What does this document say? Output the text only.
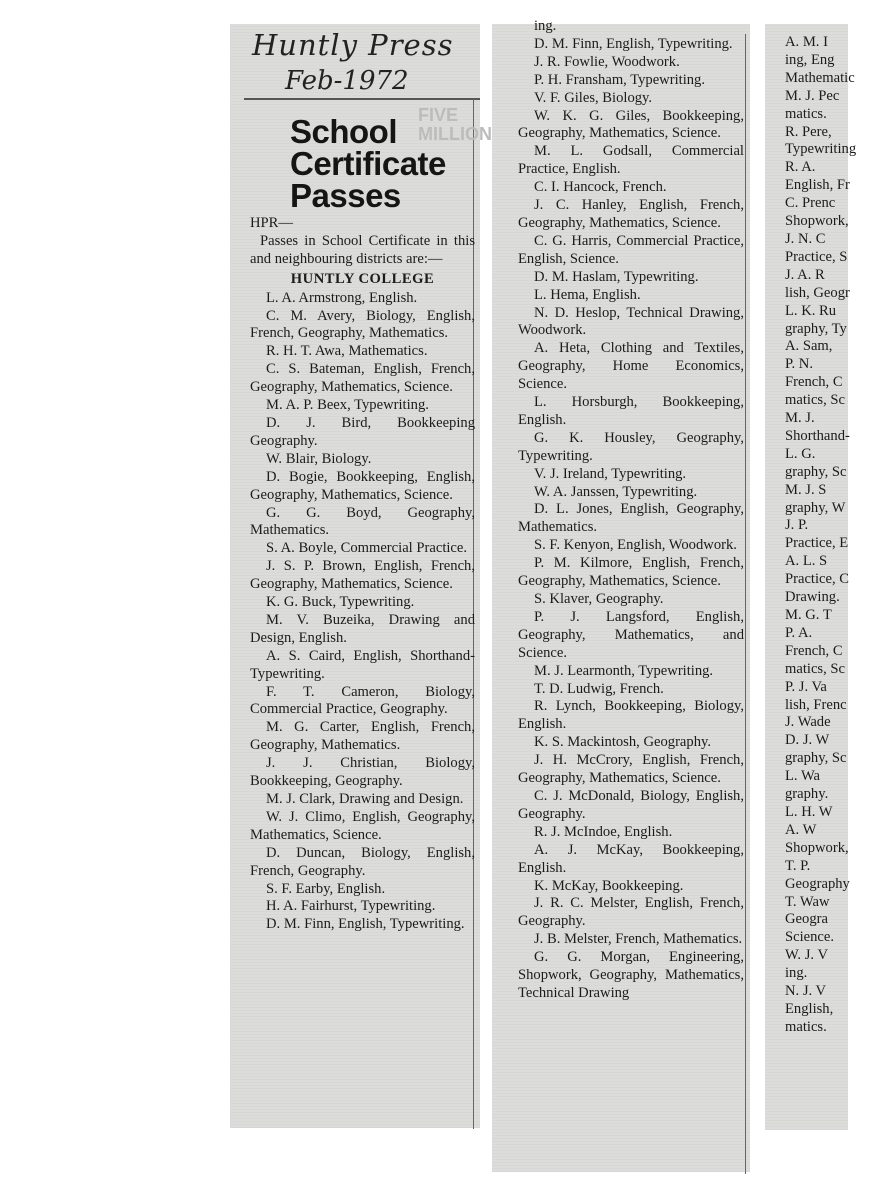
Huntly Press
Feb-1972
FIVE MILLION
School
Certificate
Passes

HPR—

Passes in School Certificate in this and neighbouring districts are:—

HUNTLY COLLEGE

L. A. Armstrong, English.

C. M. Avery, Biology, English, French, Geography, Mathematics.

R. H. T. Awa, Mathematics.

C. S. Bateman, English, French, Geography, Mathematics, Science.

M. A. P. Beex, Typewriting.

D. J. Bird, Bookkeeping Geography.

W. Blair, Biology.

D. Bogie, Bookkeeping, English, Geography, Mathematics, Science.

G. G. Boyd, Geography, Mathematics.

S. A. Boyle, Commercial Practice.

J. S. P. Brown, English, French, Geography, Mathematics, Science.

K. G. Buck, Typewriting.

M. V. Buzeika, Drawing and Design, English.

A. S. Caird, English, Shorthand-Typewriting.

F. T. Cameron, Biology, Commercial Practice, Geography.

M. G. Carter, English, French, Geography, Mathematics.

J. J. Christian, Biology, Bookkeeping, Geography.

M. J. Clark, Drawing and Design.

W. J. Climo, English, Geography, Mathematics, Science.

D. Duncan, Biology, English, French, Geography.

S. F. Earby, English.

H. A. Fairhurst, Typewriting.

D. M. Finn, English, Typewriting.

ing.

D. M. Finn, English, Typewriting.

J. R. Fowlie, Woodwork.

P. H. Fransham, Typewriting.

V. F. Giles, Biology.

W. K. G. Giles, Bookkeeping, Geography, Mathematics, Science.

M. L. Godsall, Commercial Practice, English.

C. I. Hancock, French.

J. C. Hanley, English, French, Geography, Mathematics, Science.

C. G. Harris, Commercial Practice, English, Science.

D. M. Haslam, Typewriting.

L. Hema, English.

N. D. Heslop, Technical Drawing, Woodwork.

A. Heta, Clothing and Textiles, Geography, Home Economics, Science.

L. Horsburgh, Bookkeeping, English.

G. K. Housley, Geography, Typewriting.

V. J. Ireland, Typewriting.

W. A. Janssen, Typewriting.

D. L. Jones, English, Geography, Mathematics.

S. F. Kenyon, English, Woodwork.

P. M. Kilmore, English, French, Geography, Mathematics, Science.

S. Klaver, Geography.

P. J. Langsford, English, Geography, Mathematics, and Science.

M. J. Learmonth, Typewriting.

T. D. Ludwig, French.

R. Lynch, Bookkeeping, Biology, English.

K. S. Mackintosh, Geography.

J. H. McCrory, English, French, Geography, Mathematics, Science.

C. J. McDonald, Biology, English, Geography.

R. J. McIndoe, English.

A. J. McKay, Bookkeeping, English.

K. McKay, Bookkeeping.

J. R. C. Melster, English, French, Geography.

J. B. Melster, French, Mathematics.

G. G. Morgan, Engineering, Shopwork, Geography, Mathematics, Technical Drawing

A. M. I

ing, Eng

Mathematic

M. J. Pec

matics.

R. Pere,

Typewriting

R. A.

English, Fr

C. Prenc

Shopwork,

J. N. C

Practice, S

J. A. R

lish, Geogr

L. K. Ru

graphy, Ty

A. Sam,

P. N.

French, C

matics, Sc

M. J.

Shorthand-

L. G.

graphy, Sc

M. J. S

graphy, W

J. P.

Practice, E

A. L. S

Practice, C

Drawing.

M. G. T

P. A.

French, C

matics, Sc

P. J. Va

lish, Frenc

J. Wade

D. J. W

graphy, Sc

L. Wa

graphy.

L. H. W

A. W

Shopwork,

T. P.

Geography

T. Waw

Geogra

Science.

W. J. V

ing.

N. J. V

English,

matics.
